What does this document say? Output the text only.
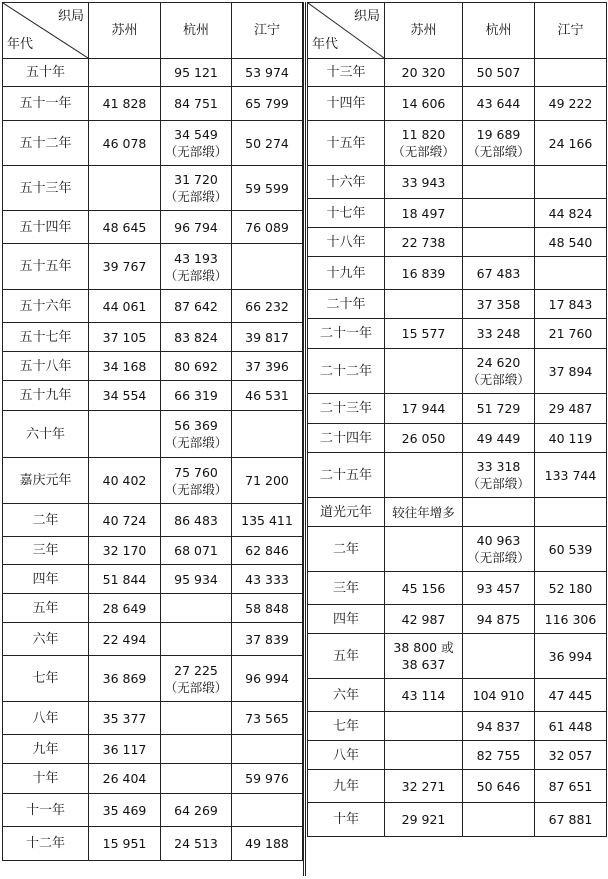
织局
年代	苏州	杭州	江宁

五十年		95 121	53 974

五十一年	41 828	84 751	65 799

五十二年	46 078	34 549
（无部缎）	50 274

五十三年		31 720
（无部缎）	59 599

五十四年	48 645	96 794	76 089

五十五年	39 767	43 193
（无部缎）	

五十六年	44 061	87 642	66 232

五十七年	37 105	83 824	39 817

五十八年	34 168	80 692	37 396

五十九年	34 554	66 319	46 531

六十年		56 369
（无部缎）	

嘉庆元年	40 402	75 760
（无部缎）	71 200

二年	40 724	86 483	135 411

三年	32 170	68 071	62 846

四年	51 844	95 934	43 333

五年	28 649		58 848

六年	22 494		37 839

七年	36 869	27 225
（无部缎）	96 994

八年	35 377		73 565

九年	36 117		

十年	26 404		59 976

十一年	35 469	64 269	

十二年	15 951	24 513	49 188
织局
年代	苏州	杭州	江宁

十三年	20 320	50 507	

十四年	14 606	43 644	49 222

十五年	11 820
（无部缎）	19 689
（无部缎）	24 166

十六年	33 943		

十七年	18 497		44 824

十八年	22 738		48 540

十九年	16 839	67 483	

二十年		37 358	17 843

二十一年	15 577	33 248	21 760

二十二年		24 620
（无部缎）	37 894

二十三年	17 944	51 729	29 487

二十四年	26 050	49 449	40 119

二十五年		33 318
（无部缎）	133 744

道光元年	较往年增多		

二年		40 963
（无部缎）	60 539

三年	45 156	93 457	52 180

四年	42 987	94 875	116 306

五年	38 800 或
38 637		36 994

六年	43 114	104 910	47 445

七年		94 837	61 448

八年		82 755	32 057

九年	32 271	50 646	87 651

十年	29 921		67 881
